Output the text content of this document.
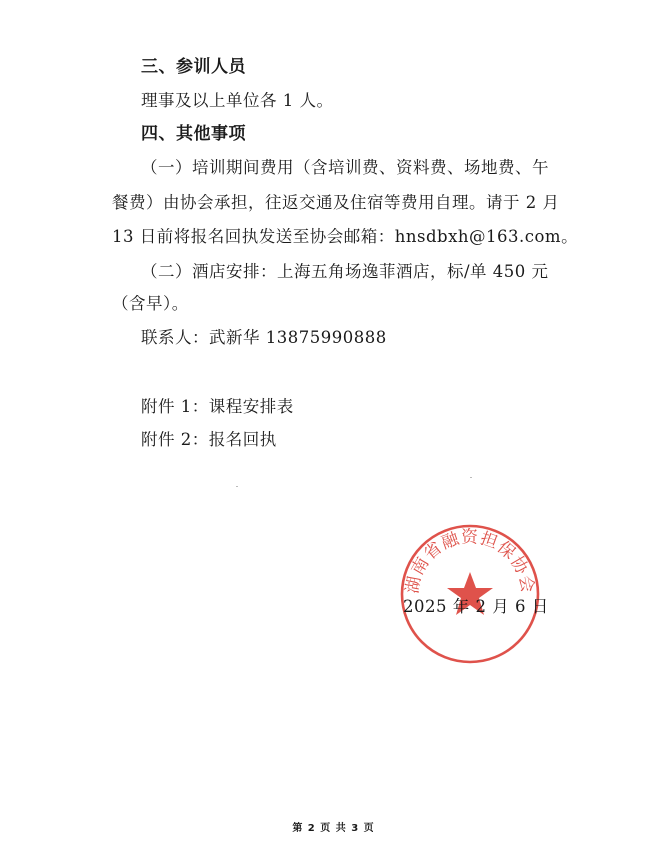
三、参训人员
理事及以上单位各 1 人。
四、其他事项
（一）培训期间费用（含培训费、资料费、场地费、午
餐费）由协会承担，往返交通及住宿等费用自理。请于 2 月
13 日前将报名回执发送至协会邮箱：hnsdbxh@163.com。
（二）酒店安排：上海五角场逸菲酒店，标/单 450 元
（含早）。
联系人：武新华 13875990888
附件 1：课程安排表
附件 2：报名回执
湖南省融资担保协会
2025 年 2 月 6 日
第 2 页 共 3 页
